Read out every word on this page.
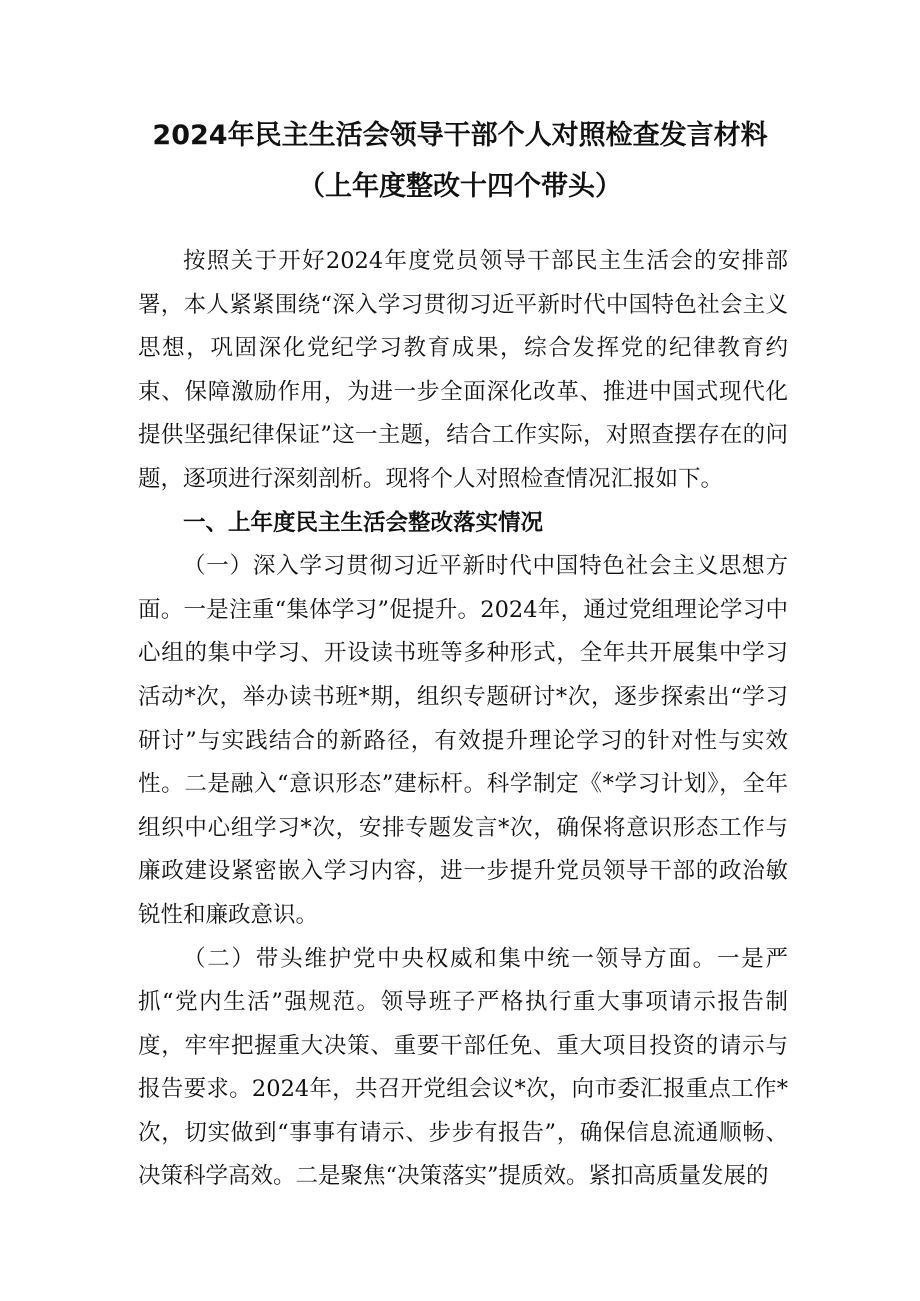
2024年民主生活会领导干部个人对照检查发言材料
（上年度整改十四个带头）

按照关于开好2024年度党员领导干部民主生活会的安排部署，本人紧紧围绕“深入学习贯彻习近平新时代中国特色社会主义思想，巩固深化党纪学习教育成果，综合发挥党的纪律教育约束、保障激励作用，为进一步全面深化改革、推进中国式现代化提供坚强纪律保证”这一主题，结合工作实际，对照查摆存在的问题，逐项进行深刻剖析。现将个人对照检查情况汇报如下。

一、上年度民主生活会整改落实情况

（一）深入学习贯彻习近平新时代中国特色社会主义思想方面。一是注重“集体学习”促提升。2024年，通过党组理论学习中心组的集中学习、开设读书班等多种形式，全年共开展集中学习活动*次，举办读书班*期，组织专题研讨*次，逐步探索出“学习研讨”与实践结合的新路径，有效提升理论学习的针对性与实效性。二是融入“意识形态”建标杆。科学制定《*学习计划》，全年组织中心组学习*次，安排专题发言*次，确保将意识形态工作与廉政建设紧密嵌入学习内容，进一步提升党员领导干部的政治敏锐性和廉政意识。

（二）带头维护党中央权威和集中统一领导方面。一是严抓“党内生活”强规范。领导班子严格执行重大事项请示报告制度，牢牢把握重大决策、重要干部任免、重大项目投资的请示与报告要求。2024年，共召开党组会议*次，向市委汇报重点工作*次，切实做到“事事有请示、步步有报告”，确保信息流通顺畅、决策科学高效。二是聚焦“决策落实”提质效。紧扣高质量发展的
